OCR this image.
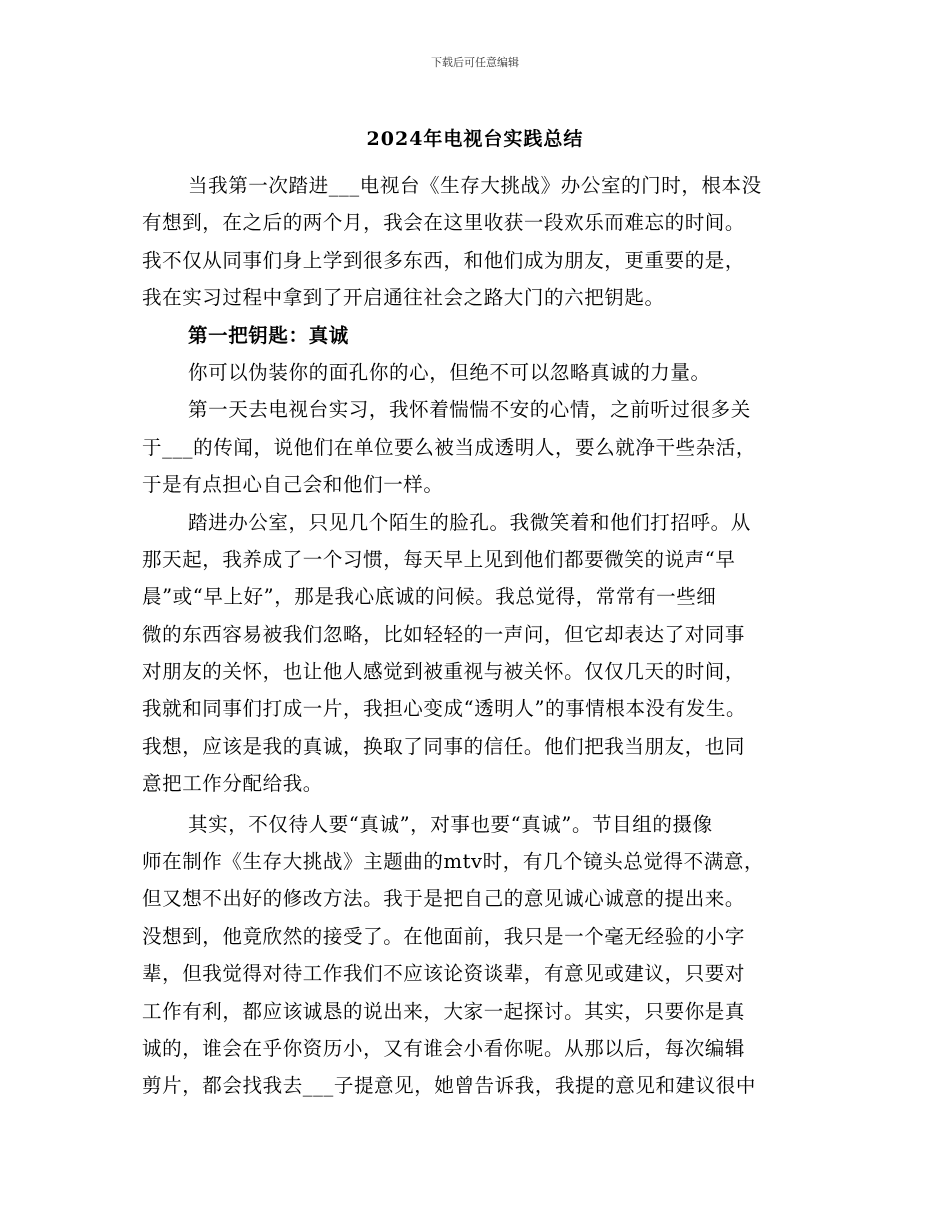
下载后可任意编辑
2024年电视台实践总结
当我第一次踏进___电视台《生存大挑战》办公室的门时，根本没
有想到，在之后的两个月，我会在这里收获一段欢乐而难忘的时间。
我不仅从同事们身上学到很多东西，和他们成为朋友，更重要的是，
我在实习过程中拿到了开启通往社会之路大门的六把钥匙。
第一把钥匙：真诚
你可以伪装你的面孔你的心，但绝不可以忽略真诚的力量。
第一天去电视台实习，我怀着惴惴不安的心情，之前听过很多关
于___的传闻，说他们在单位要么被当成透明人，要么就净干些杂活，
于是有点担心自己会和他们一样。
踏进办公室，只见几个陌生的脸孔。我微笑着和他们打招呼。从
那天起，我养成了一个习惯，每天早上见到他们都要微笑的说声“早
晨”或“早上好”，那是我心底诚的问候。我总觉得，常常有一些细
微的东西容易被我们忽略，比如轻轻的一声问，但它却表达了对同事
对朋友的关怀，也让他人感觉到被重视与被关怀。仅仅几天的时间，
我就和同事们打成一片，我担心变成“透明人”的事情根本没有发生。
我想，应该是我的真诚，换取了同事的信任。他们把我当朋友，也同
意把工作分配给我。
其实，不仅待人要“真诚”，对事也要“真诚”。节目组的摄像
师在制作《生存大挑战》主题曲的mtv时，有几个镜头总觉得不满意，
但又想不出好的修改方法。我于是把自己的意见诚心诚意的提出来。
没想到，他竟欣然的接受了。在他面前，我只是一个毫无经验的小字
辈，但我觉得对待工作我们不应该论资谈辈，有意见或建议，只要对
工作有利，都应该诚恳的说出来，大家一起探讨。其实，只要你是真
诚的，谁会在乎你资历小，又有谁会小看你呢。从那以后，每次编辑
剪片，都会找我去___子提意见，她曾告诉我，我提的意见和建议很中
